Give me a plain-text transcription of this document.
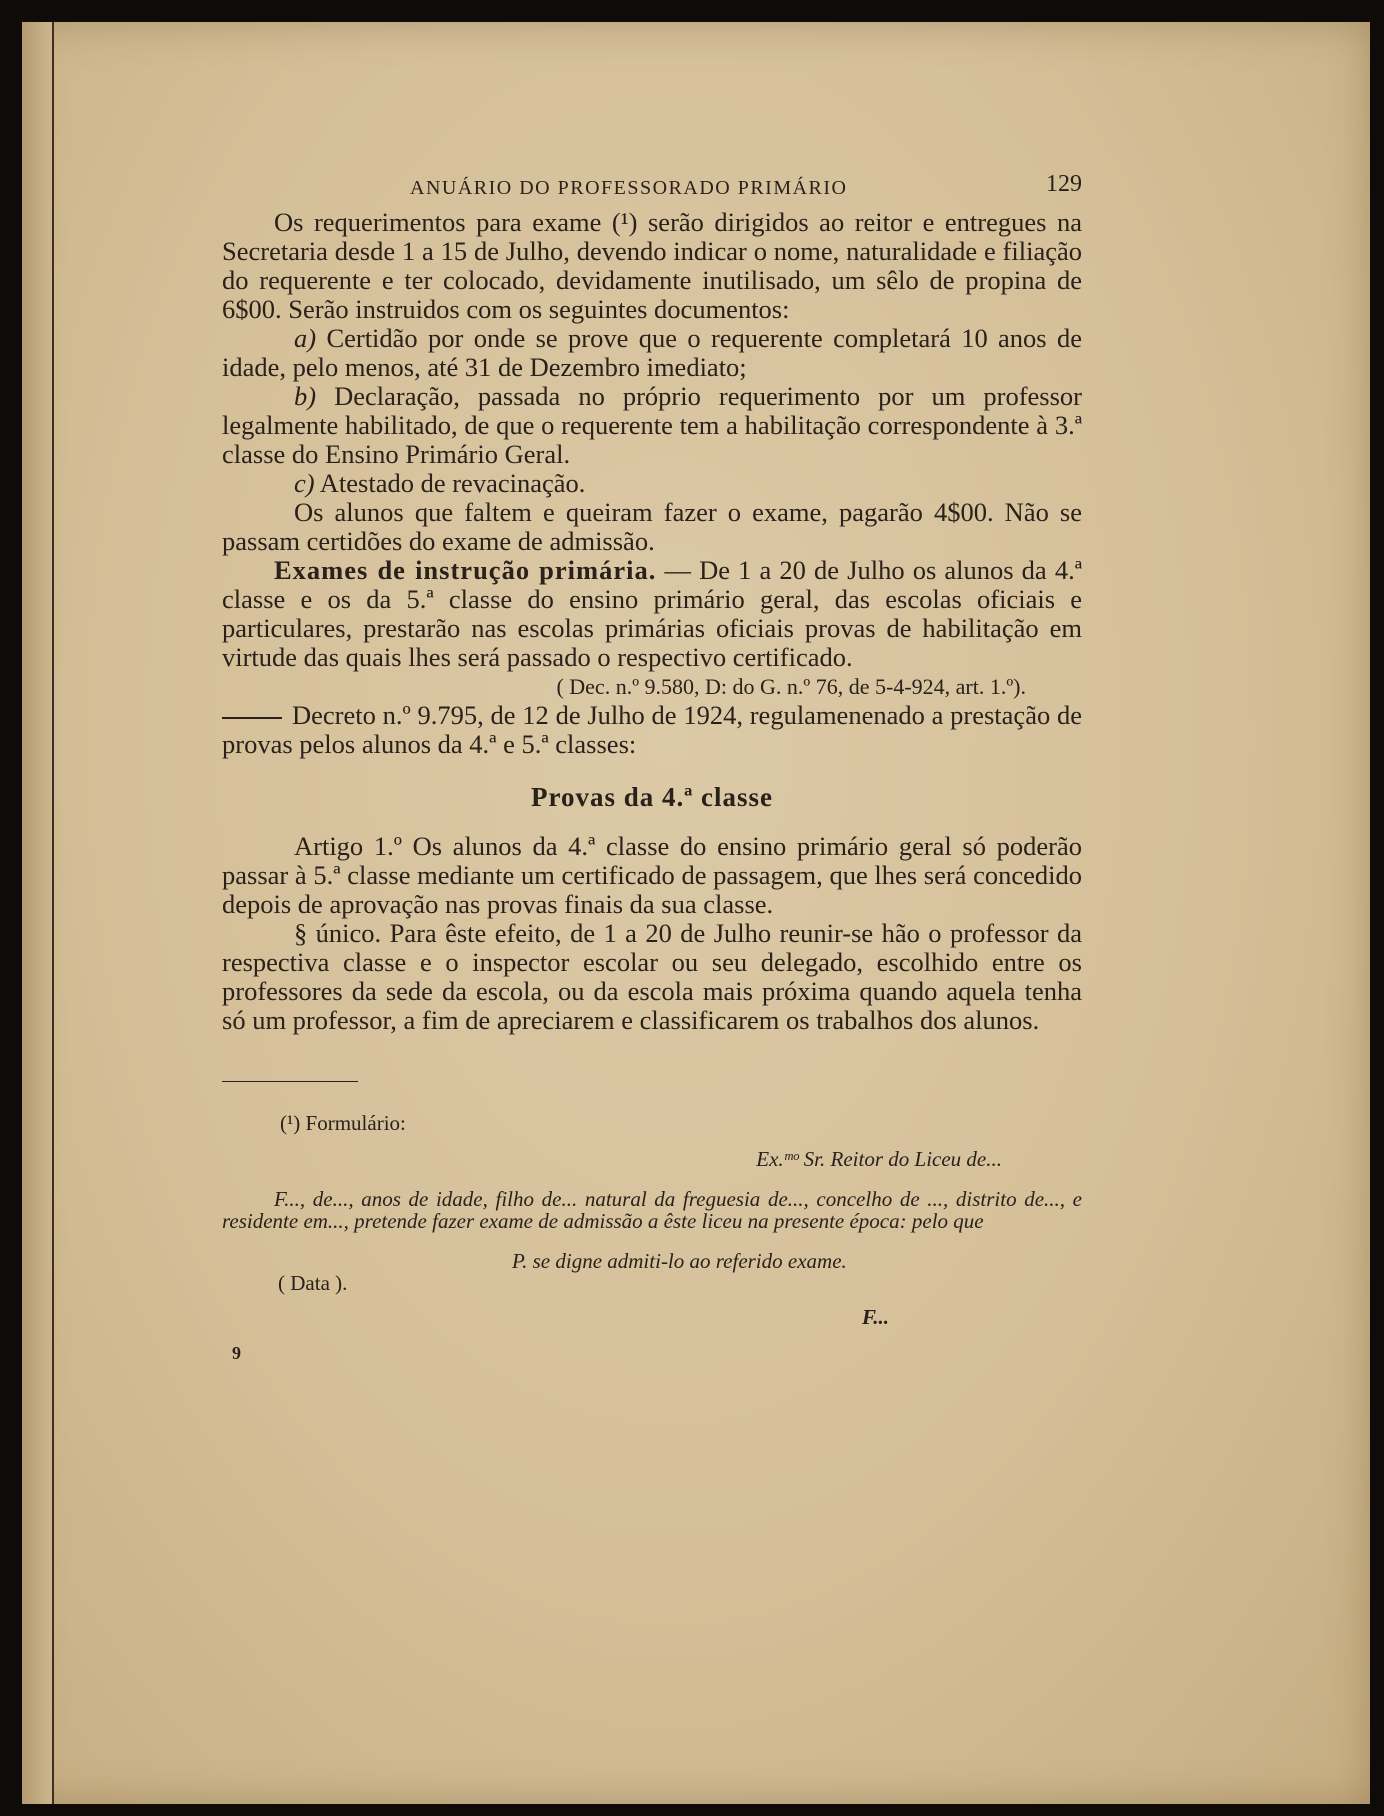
ANUÁRIO DO PROFESSORADO PRIMÁRIO	129

Os requerimentos para exame (¹) serão dirigidos ao reitor e entregues na Secretaria desde 1 a 15 de Julho, devendo indicar o nome, naturalidade e filiação do requerente e ter colocado, devidamente inutilisado, um sêlo de propina de 6$00. Serão instruidos com os seguintes documentos:

a) Certidão por onde se prove que o requerente completará 10 anos de idade, pelo menos, até 31 de Dezembro imediato;

b) Declaração, passada no próprio requerimento por um professor legalmente habilitado, de que o requerente tem a habilitação correspondente à 3.ª classe do Ensino Primário Geral.

c) Atestado de revacinação.

Os alunos que faltem e queiram fazer o exame, pagarão 4$00. Não se passam certidões do exame de admissão.

Exames de instrução primária. — De 1 a 20 de Julho os alunos da 4.ª classe e os da 5.ª classe do ensino primário geral, das escolas oficiais e particulares, prestarão nas escolas primárias oficiais provas de habilitação em virtude das quais lhes será passado o respectivo certificado.

( Dec. n.º 9.580, D: do G. n.º 76, de 5-4-924, art. 1.º).

Decreto n.º 9.795, de 12 de Julho de 1924, regulamenenado a prestação de provas pelos alunos da 4.ª e 5.ª classes:

Provas da 4.ª classe

Artigo 1.º Os alunos da 4.ª classe do ensino primário geral só poderão passar à 5.ª classe mediante um certificado de passagem, que lhes será concedido depois de aprovação nas provas finais da sua classe.

§ único. Para êste efeito, de 1 a 20 de Julho reunir-se hão o professor da respectiva classe e o inspector escolar ou seu delegado, escolhido entre os professores da sede da escola, ou da escola mais próxima quando aquela tenha só um professor, a fim de apreciarem e classificarem os trabalhos dos alunos.

(¹) Formulário:

Ex.ᵐᵒ Sr. Reitor do Liceu de...

F..., de..., anos de idade, filho de... natural da freguesia de..., concelho de ..., distrito de..., e residente em..., pretende fazer exame de admissão a êste liceu na presente época: pelo que

P. se digne admiti-lo ao referido exame.
( Data ).
F...
9
